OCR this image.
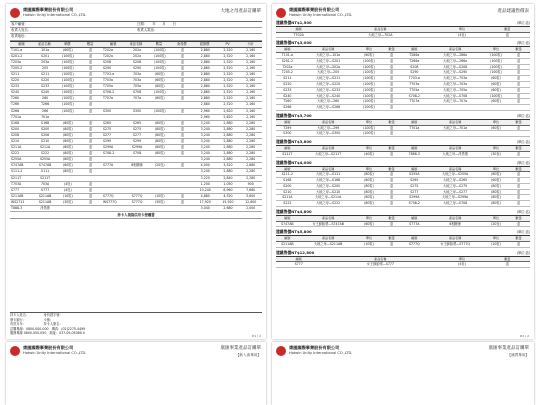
康匯國際事業股份有限公司
Hotwin Unity International CO.,LTD.
大地之母產品訂購單
客戶編號：	日期：　　年　　月　　日
收貨人姓名：	收貨人電話：
收貨地址：
編號	產品名稱	單價	數量	編號	產品名稱	數量	會員價	經銷價	PV	小計
T101-a	101a	(60粒)	盒	T202a	202a	(100粒)	盒	2,880	2,520	2,160
S201-2	S201	(100粒)	盒	T202a	202a	(100粒)	盒	2,880	2,520	2,160
T203a	203a	(100粒)	盒	S208	S208	(100粒)	盒	2,880	2,520	2,160
T205-2	205	(100粒)	盒	S290	S290	(100粒)	盒	2,880	2,520	2,160
S211	S211	(100粒)	盒	T703-a	703a	(60粒)	盒	2,880	2,520	2,160
S220	S220	(100粒)	盒	T703a	703a	(60粒)	盒	2,880	2,520	2,160
S233	S233	(100粒)	盒	T705a	705a	(60粒)	盒	2,880	2,520	2,160
S240	S240	(100粒)	盒	S708-2	S708	(100粒)	盒	2,880	2,520	2,160
T260	260	(100粒)	盒	T707a	707a	(60粒)	盒	2,880	2,520	2,160
T266	T266	(100粒)	盒	2,880	2,520	2,160
S266	266	(100粒)	盒	S300	S300	(100粒)	盒	2,960	2,620	2,160
T701a	701a	2,960	2,620	2,160
S168	S168	(80粒)	盒	S265	S265	(60粒)	盒	3,240	2,880	2,280
S200	S200	(80粒)	盒	S275	S275	(80粒)	盒	3,240	2,880	2,280
S208	S208	(80粒)	盒	S277	S277	(80粒)	盒	3,240	2,880	2,280
S210	S210	(80粒)	盒	S299	S299	(80粒)	盒	3,240	2,880	2,280
S211A	S211A	(80粒)	盒	S299A	S299A	(80粒)	盒	3,240	2,880	2,280
S222	S222	(80粒)	盒	S708-2	S708	(80粒)	盒	3,240	2,880	2,280
S255A	S255A	(80粒)	盒	3,240	2,880	2,280
S747AB	S747AB	(60粒)	盒	S777A	8相關係	(20包)	盒	4,000	3,520	2,880
S111-2	S111	(80粒)	盒	3,240	2,880	2,280
S211T	S211T	3,220	2,840	2,280
T703A	703A	(4包)	盒	1,200	1,050	900
S777	S777	(4包)	盒	10,240	8,960	7,680
S211AB	S211AB	(10粒)	盒	S777Q	S777Q	(10粒)	盒	4,880	4,320	3,600
WS2711	S211AB	(30粒)	盒	WS777Q	S777Q	(30粒)	盒	17,920	15,920	12,600
T888-3	淨思康	3,040	2,680	2,000
持卡人填寫信用卡授權書
持卡人姓名：　　　　　身份證字號：
發卡銀行：　　　　　　卡號：
有效月年：　　　　　　持卡人簽名：
訂購專線：0800-000-000　傳真：(02)2275-4499
服務專線 0800-050-050　地址：037-09-05089-0
P.1 / 2
康匯國際事業股份有限公司
Hotwin Unity International CO.,LTD.
產品建議售價表
建議售價NT$1,500	(單位:盒)
編號	產品名稱	單位	數量
T702A	大地之母—702A	(4包)	盒
建議售價NT$3,000	(單位:盒)
編號	產品名稱	單位	數量	編號	產品名稱	單位	數量
T101-a	大地之母—101a	(60粒)	盒	T286a	大地之母—286a	(100粒)	盒
S201-2	大地之母—S201	(100粒)	盒	T266a	大地之母—266a	(100粒)	盒
T202a	大地之母—202a	(100粒)	盒	S208	大地之母—S208	(100粒)	盒
T205-2	大地之母—205	(100粒)	盒	S290	大地之母—S290	(100粒)	盒
S211	大地之母—S211	(100粒)	盒	T703-a	大地之母—703a	(60粒)	盒
S220	大地之母—S220	(100粒)	盒	T703a	大地之母—703a	(60粒)	盒
S233	大地之母—S233	(100粒)	盒	T705a	大地之母—705a	(60粒)	盒
S240	大地之母—S240	(100粒)	盒	S708-2	大地之母—S708	(100粒)	盒
T260	大地之母—260	(100粒)	盒	T707a	大地之母—707a	(60粒)	盒
S266	大地之母—S266	(100粒)	盒
建議售價NT$3,700	(單位:盒)
編號	產品名稱	單位	數量	編號	產品名稱	單位	數量
T299	大地之母—299	(100粒)	盒	T701a	大地之母—701a	(60粒)	盒
S300	大地之母—S300	(100粒)	盒
建議售價NT$3,800	(單位:盒)
編號	產品名稱	單位	數量	編號	產品名稱	單位	數量
S211T	大地之母—S211T	(40粒)	盒	T888-3	大地之母—淨思康	(30包)	盒
建議售價NT$4,000	(單位:盒)
編號	產品名稱	單位	數量	編號	產品名稱	單位	數量
S111-2	大地之母—S111	(80粒)	盒	S255A	大地之母—S255A	(80粒)	盒
S168	大地之母—S168	(80粒)	盒	S265	大地之母—S265	(60粒)	盒
S200	大地之母—S200	(80粒)	盒	S275	大地之母—S275	(80粒)	盒
S210	大地之母—S210	(80粒)	盒	S277	大地之母—S277	(80粒)	盒
S211A	大地之母—S211A	(80粒)	盒	S299A	大地之母—S299A	(80粒)	盒
S222	大地之母—S222	(80粒)	盒	S708-2	大地之母—S708	(80粒)	盒
建議售價NT$4,800	(單位:盒)
編號	產品名稱	單位	數量	編號	產品名稱	單位	數量
S747AB	女王蜂胎漿—S747AB	(60粒)	盒	S777A	8相關係	(20包)	盒
建議售價NT$5,800	(單位:盒)
編號	產品名稱	單位	數量	編號	產品名稱	單位	數量
S211AB	大地之母—S211AB	(10粒)	盒	S777Q	女王蜂胎漿—S777Q	(10粒)	盒
建議售價NT$12,800	(單位:盒)
編號	產品名稱	單位	數量
S777	女王蜂胎漿—S777	(4包)	盒
P.2 / 2
康匯國際事業股份有限公司
Hotwin Unity International CO.,LTD.
康匯事業產品訂購單
【新入會專用】
康匯國際事業股份有限公司
Hotwin Unity International CO.,LTD.
康匯事業產品訂購單
【補貨專用】
